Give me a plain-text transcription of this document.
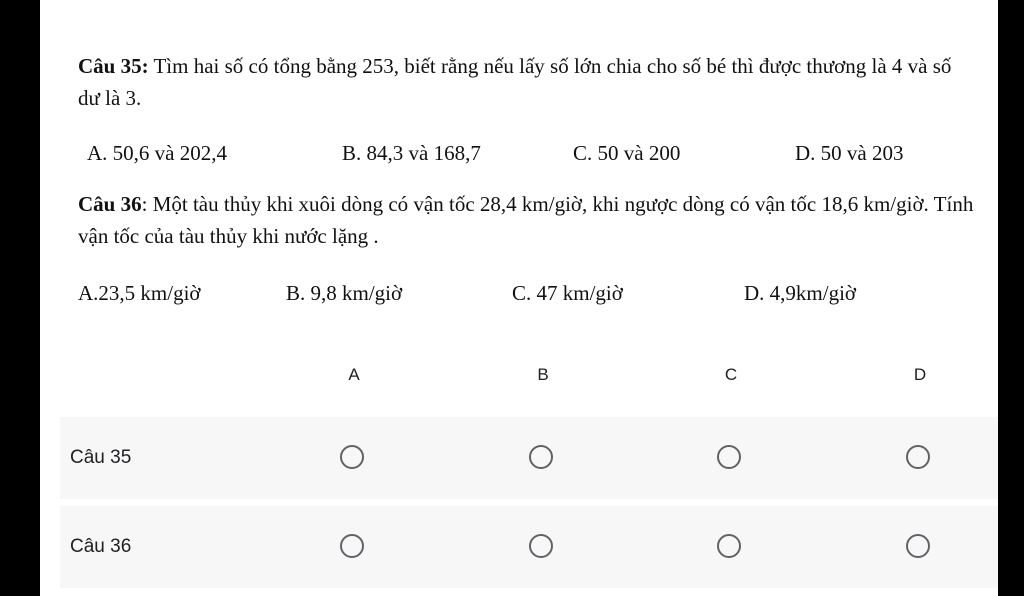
Câu 35: Tìm hai số có tổng bằng 253, biết rằng nếu lấy số lớn chia cho số bé thì được thương là 4 và số dư là 3.

A. 50,6 và 202,4	B. 84,3 và 168,7	C. 50 và 200	D. 50 và 203

Câu 36: Một tàu thủy khi xuôi dòng có vận tốc 28,4 km/giờ, khi ngược dòng có vận tốc 18,6 km/giờ. Tính vận tốc của tàu thủy khi nước lặng .

A.23,5 km/giờ	B. 9,8 km/giờ	C. 47 km/giờ	D. 4,9km/giờ
A	B	C	D
Câu 35
Câu 36
